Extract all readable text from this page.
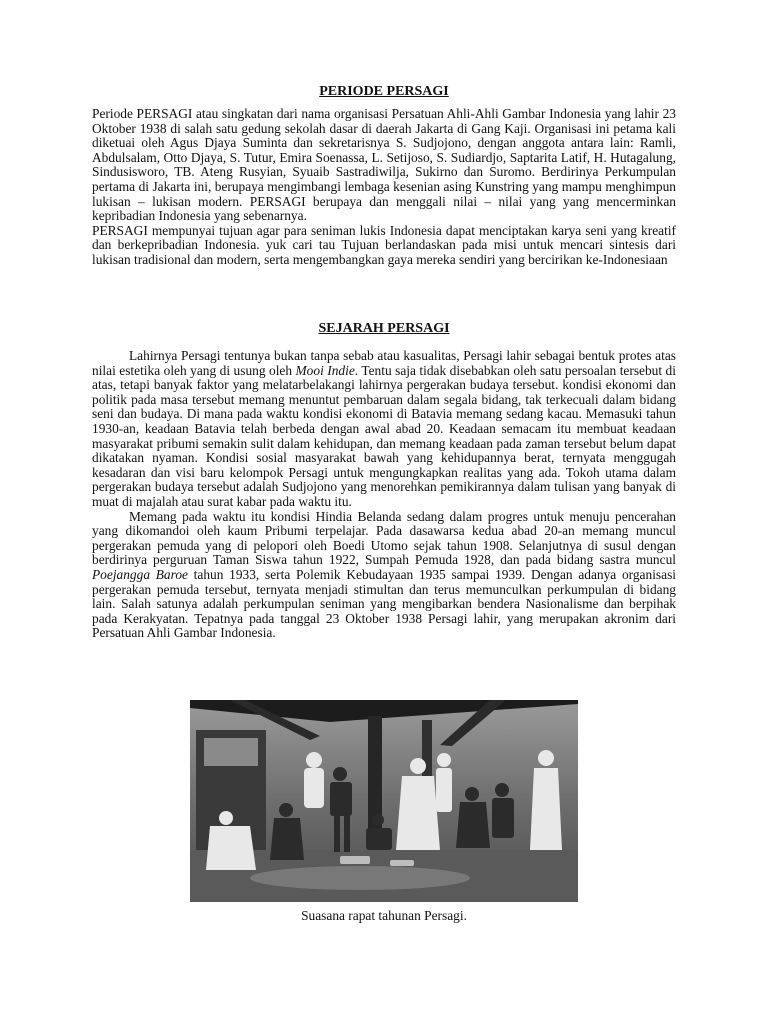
PERIODE PERSAGI

Periode PERSAGI atau singkatan dari nama organisasi Persatuan Ahli-Ahli Gambar Indonesia yang lahir 23 Oktober 1938 di salah satu gedung sekolah dasar di daerah Jakarta di Gang Kaji. Organisasi ini petama kali diketuai oleh Agus Djaya Suminta dan sekretarisnya S. Sudjojono, dengan anggota antara lain: Ramli, Abdulsalam, Otto Djaya, S. Tutur, Emira Soenassa, L. Setijoso, S. Sudiardjo, Saptarita Latif, H. Hutagalung, Sindusisworo, TB. Ateng Rusyian, Syuaib Sastradiwilja, Sukirno dan Suromo. Berdirinya Perkumpulan pertama di Jakarta ini, berupaya mengimbangi lembaga kesenian asing Kunstring yang mampu menghimpun lukisan – lukisan modern. PERSAGI berupaya dan menggali nilai – nilai yang yang mencerminkan kepribadian Indonesia yang sebenarnya.

PERSAGI mempunyai tujuan agar para seniman lukis Indonesia dapat menciptakan karya seni yang kreatif dan berkepribadian Indonesia. yuk cari tau Tujuan berlandaskan pada misi untuk mencari sintesis dari lukisan tradisional dan modern, serta mengembangkan gaya mereka sendiri yang bercirikan ke-Indonesiaan

SEJARAH PERSAGI

Lahirnya Persagi tentunya bukan tanpa sebab atau kasualitas, Persagi lahir sebagai bentuk protes atas nilai estetika oleh yang di usung oleh Mooi Indie. Tentu saja tidak disebabkan oleh satu persoalan tersebut di atas, tetapi banyak faktor yang melatarbelakangi lahirnya pergerakan budaya tersebut. kondisi ekonomi dan politik pada masa tersebut memang menuntut pembaruan dalam segala bidang, tak terkecuali dalam bidang seni dan budaya. Di mana pada waktu kondisi ekonomi di Batavia memang sedang kacau. Memasuki tahun 1930-an, keadaan Batavia telah berbeda dengan awal abad 20. Keadaan semacam itu membuat keadaan masyarakat pribumi semakin sulit dalam kehidupan, dan memang keadaan pada zaman tersebut belum dapat dikatakan nyaman. Kondisi sosial masyarakat bawah yang kehidupannya berat, ternyata menggugah kesadaran dan visi baru kelompok Persagi untuk mengungkapkan realitas yang ada. Tokoh utama dalam pergerakan budaya tersebut adalah Sudjojono yang menorehkan pemikirannya dalam tulisan yang banyak di muat di majalah atau surat kabar pada waktu itu.

Memang pada waktu itu kondisi Hindia Belanda sedang dalam progres untuk menuju pencerahan yang dikomandoi oleh kaum Pribumi terpelajar. Pada dasawarsa kedua abad 20-an memang muncul pergerakan pemuda yang di pelopori oleh Boedi Utomo sejak tahun 1908. Selanjutnya di susul dengan berdirinya perguruan Taman Siswa tahun 1922, Sumpah Pemuda 1928, dan pada bidang sastra muncul Poejangga Baroe tahun 1933, serta Polemik Kebudayaan 1935 sampai 1939. Dengan adanya organisasi pergerakan pemuda tersebut, ternyata menjadi stimultan dan terus memunculkan perkumpulan di bidang lain. Salah satunya adalah perkumpulan seniman yang mengibarkan bendera Nasionalisme dan berpihak pada Kerakyatan. Tepatnya pada tanggal 23 Oktober 1938 Persagi lahir, yang merupakan akronim dari Persatuan Ahli Gambar Indonesia.

Suasana rapat tahunan Persagi.
